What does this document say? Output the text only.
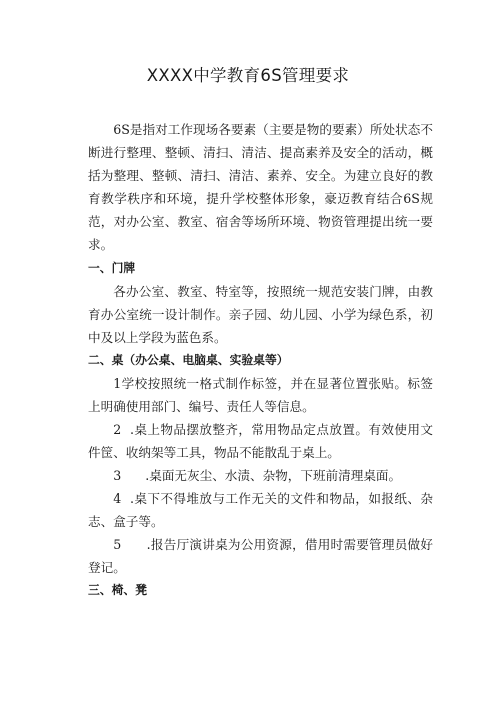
XXXX中学教育6S管理要求

6S是指对工作现场各要素（主要是物的要素）所处状态不断进行整理、整顿、清扫、清洁、提高素养及安全的活动，概括为整理、整顿、清扫、清洁、素养、安全。为建立良好的教育教学秩序和环境，提升学校整体形象，豪迈教育结合6S规范，对办公室、教室、宿舍等场所环境、物资管理提出统一要求。

一、门牌

各办公室、教室、特室等，按照统一规范安装门牌，由教育办公室统一设计制作。亲子园、幼儿园、小学为绿色系，初中及以上学段为蓝色系。

二、桌（办公桌、电脑桌、实验桌等）

1学校按照统一格式制作标签，并在显著位置张贴。标签上明确使用部门、编号、责任人等信息。

2  .桌上物品摆放整齐，常用物品定点放置。有效使用文件筐、收纳架等工具，物品不能散乱于桌上。

3      .桌面无灰尘、水渍、杂物，下班前清理桌面。

4  .桌下不得堆放与工作无关的文件和物品，如报纸、杂志、盒子等。

5      .报告厅演讲桌为公用资源，借用时需要管理员做好登记。

三、椅、凳
